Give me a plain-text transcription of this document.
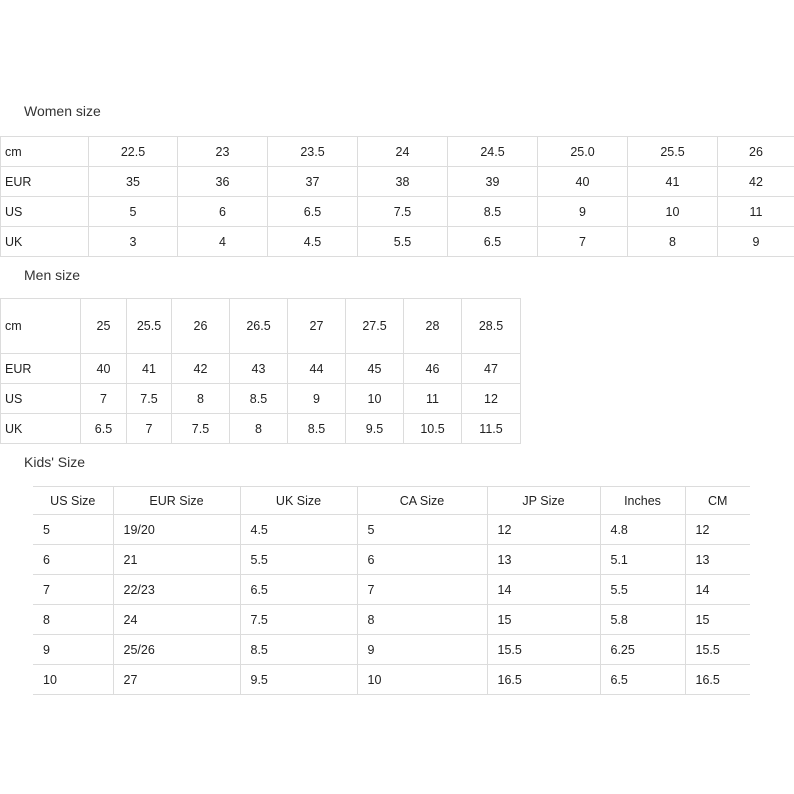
Women size
cm	22.5	23	23.5	24	24.5	25.0	25.5	26
EUR	35	36	37	38	39	40	41	42
US	5	6	6.5	7.5	8.5	9	10	11
UK	3	4	4.5	5.5	6.5	7	8	9
Men size
cm	25	25.5	26	26.5	27	27.5	28	28.5
EUR	40	41	42	43	44	45	46	47
US	7	7.5	8	8.5	9	10	11	12
UK	6.5	7	7.5	8	8.5	9.5	10.5	11.5
Kids' Size
US Size	EUR Size	UK Size	CA Size	JP Size	Inches	CM
5	19/20	4.5	5	12	4.8	12
6	21	5.5	6	13	5.1	13
7	22/23	6.5	7	14	5.5	14
8	24	7.5	8	15	5.8	15
9	25/26	8.5	9	15.5	6.25	15.5
10	27	9.5	10	16.5	6.5	16.5
